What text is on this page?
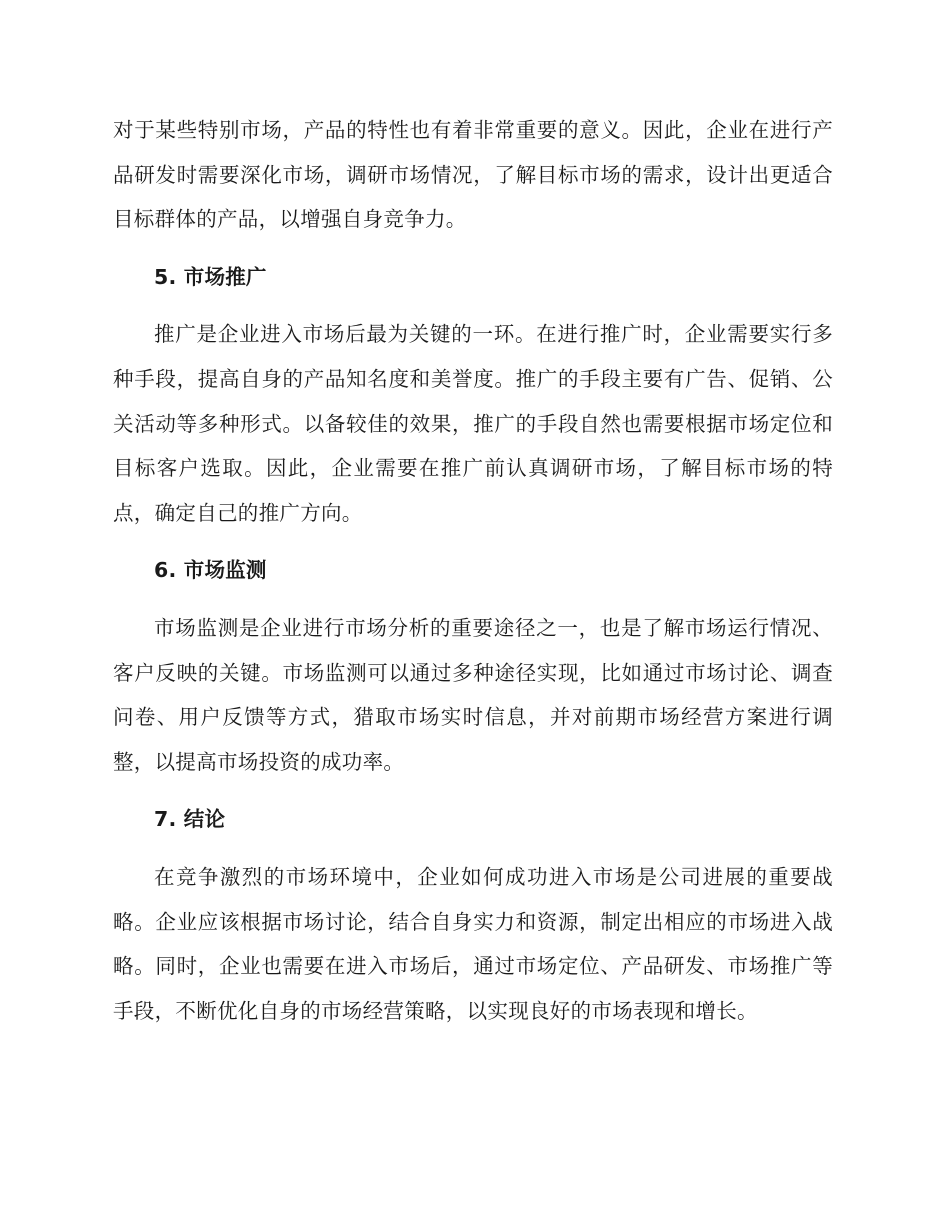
对于某些特别市场，产品的特性也有着非常重要的意义。因此，企业在进行产品研发时需要深化市场，调研市场情况，了解目标市场的需求，设计出更适合目标群体的产品，以增强自身竞争力。

5. 市场推广

推广是企业进入市场后最为关键的一环。在进行推广时，企业需要实行多种手段，提高自身的产品知名度和美誉度。推广的手段主要有广告、促销、公关活动等多种形式。以备较佳的效果，推广的手段自然也需要根据市场定位和目标客户选取。因此，企业需要在推广前认真调研市场，了解目标市场的特点，确定自己的推广方向。

6. 市场监测

市场监测是企业进行市场分析的重要途径之一，也是了解市场运行情况、客户反映的关键。市场监测可以通过多种途径实现，比如通过市场讨论、调查问卷、用户反馈等方式，猎取市场实时信息，并对前期市场经营方案进行调整，以提高市场投资的成功率。

7. 结论

在竞争激烈的市场环境中，企业如何成功进入市场是公司进展的重要战略。企业应该根据市场讨论，结合自身实力和资源，制定出相应的市场进入战略。同时，企业也需要在进入市场后，通过市场定位、产品研发、市场推广等手段，不断优化自身的市场经营策略，以实现良好的市场表现和增长。
